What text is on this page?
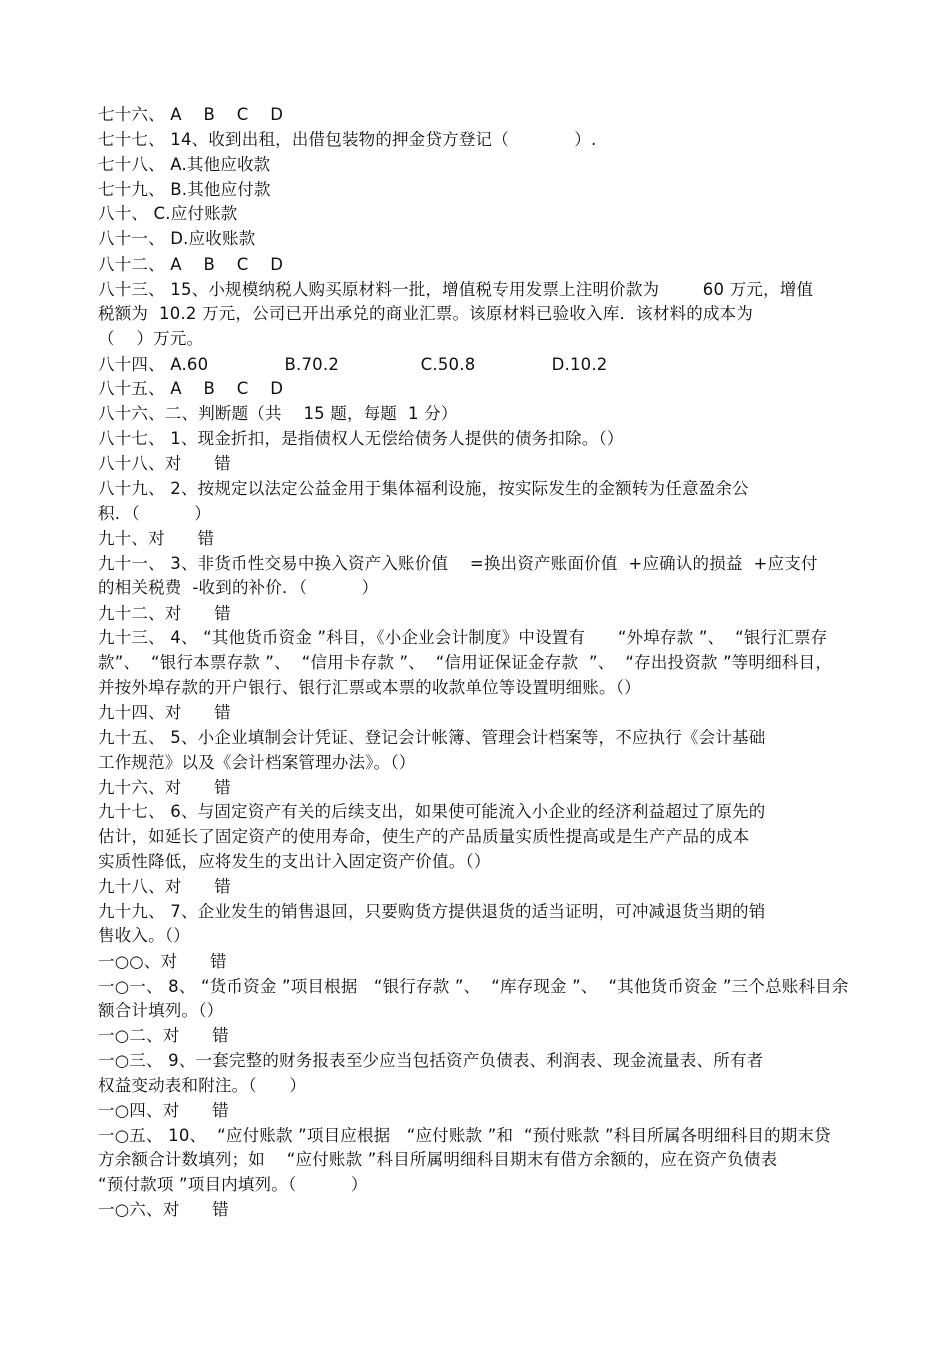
七十六、 A    B    C    D
七十七、 14、收到出租，出借包装物的押金贷方登记（            ）.
七十八、 A.其他应收款
七十九、 B.其他应付款
八十、 C.应付账款
八十一、 D.应收账款
八十二、 A    B    C    D
八十三、 15、小规模纳税人购买原材料一批，增值税专用发票上注明价款为        60 万元，增值
税额为  10.2 万元，公司已开出承兑的商业汇票。该原材料已验收入库．该材料的成本为
（    ）万元。
八十四、 A.60              B.70.2               C.50.8              D.10.2
八十五、 A    B    C    D
八十六、二、判断题（共    15 题，每题  1 分）
八十七、 1、现金折扣，是指债权人无偿给债务人提供的债务扣除。（）
八十八、对      错
八十九、 2、按规定以法定公益金用于集体福利设施，按实际发生的金额转为任意盈余公
积．（          ）
九十、对      错
九十一、 3、非货币性交易中换入资产入账价值    =换出资产账面价值  +应确认的损益  +应支付
的相关税费  -收到的补价．（          ）
九十二、对      错
九十三、 4、 “其他货币资金 ”科目，《小企业会计制度》中设置有      “外埠存款 ”、  “银行汇票存
款”、  “银行本票存款 ”、  “信用卡存款 ”、  “信用证保证金存款  ”、  “存出投资款 ”等明细科目，
并按外埠存款的开户银行、银行汇票或本票的收款单位等设置明细账。（）
九十四、对      错
九十五、 5、小企业填制会计凭证、登记会计帐簿、管理会计档案等，不应执行《会计基础
工作规范》以及《会计档案管理办法》。（）
九十六、对      错
九十七、 6、与固定资产有关的后续支出，如果使可能流入小企业的经济利益超过了原先的
估计，如延长了固定资产的使用寿命，使生产的产品质量实质性提高或是生产产品的成本
实质性降低，应将发生的支出计入固定资产价值。（）
九十八、对      错
九十九、 7、企业发生的销售退回，只要购货方提供退货的适当证明，可冲减退货当期的销
售收入。（）
一○○、对      错
一○一、 8、 “货币资金 ”项目根据   “银行存款 ”、  “库存现金 ”、  “其他货币资金 ”三个总账科目余
额合计填列。（）
一○二、对      错
一○三、 9、一套完整的财务报表至少应当包括资产负债表、利润表、现金流量表、所有者
权益变动表和附注。（      ）
一○四、对      错
一○五、 10、  “应付账款 ”项目应根据   “应付账款 ”和  “预付账款 ”科目所属各明细科目的期末贷
方余额合计数填列；如    “应付账款 ”科目所属明细科目期末有借方余额的，应在资产负债表
“预付款项 ”项目内填列。（          ）
一○六、对      错
